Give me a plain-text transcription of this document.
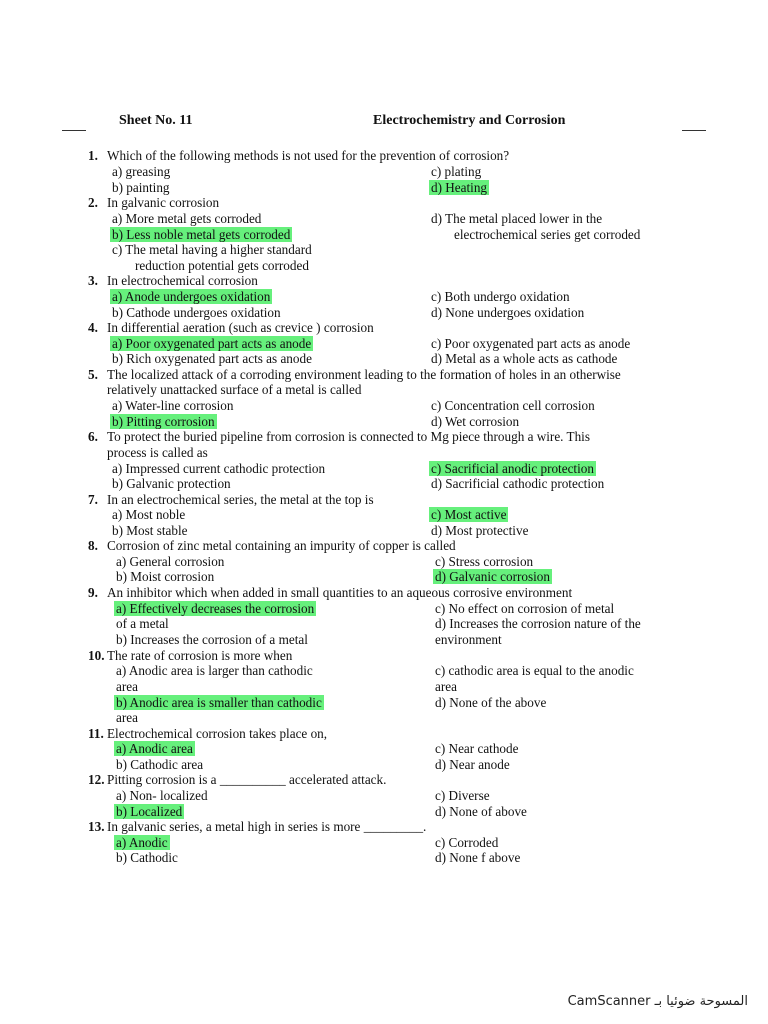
Sheet No. 11	Electrochemistry and Corrosion
1. Which of the following methods is not used for the prevention of corrosion?
a) greasing
b) painting
c) plating
d) Heating
2. In galvanic corrosion
a) More metal gets corroded
b) Less noble metal gets corroded
c) The metal having a higher standard
reduction potential gets corroded
d) The metal placed lower in the
electrochemical series get corroded
3. In electrochemical corrosion
a) Anode undergoes oxidation
b) Cathode undergoes oxidation
c) Both undergo oxidation
d) None undergoes oxidation
4. In differential aeration (such as crevice ) corrosion
a) Poor oxygenated part acts as anode
b) Rich oxygenated part acts as anode
c) Poor oxygenated part acts as anode
d) Metal as a whole acts as cathode
5. The localized attack of a corroding environment leading to the formation of holes in an otherwise
relatively unattacked surface of a metal is called
a) Water-line corrosion
b) Pitting corrosion
c) Concentration cell corrosion
d) Wet corrosion
6. To protect the buried pipeline from corrosion is connected to Mg piece through a wire. This
process is called as
a) Impressed current cathodic protection
b) Galvanic protection
c) Sacrificial anodic protection
d) Sacrificial cathodic protection
7. In an electrochemical series, the metal at the top is
a) Most noble
b) Most stable
c) Most active
d) Most protective
8. Corrosion of zinc metal containing an impurity of copper is called
a) General corrosion
b) Moist corrosion
c) Stress corrosion
d) Galvanic corrosion
9. An inhibitor which when added in small quantities to an aqueous corrosive environment
a) Effectively decreases the corrosion
of a metal
b) Increases the corrosion of a metal
c) No effect on corrosion of metal
d) Increases the corrosion nature of the
environment
10. The rate of corrosion is more when
a) Anodic area is larger than cathodic
area
b) Anodic area is smaller than cathodic
area
c) cathodic area is equal to the anodic
area
d) None of the above
11. Electrochemical corrosion takes place on,
a) Anodic area
b) Cathodic area
c) Near cathode
d) Near anode
12. Pitting corrosion is a __________ accelerated attack.
a) Non- localized
b) Localized
c) Diverse
d) None of above
13. In galvanic series, a metal high in series is more _________.
a) Anodic
b) Cathodic
c) Corroded
d) None f above
CamScanner المسوحة ضوئيا بـ
